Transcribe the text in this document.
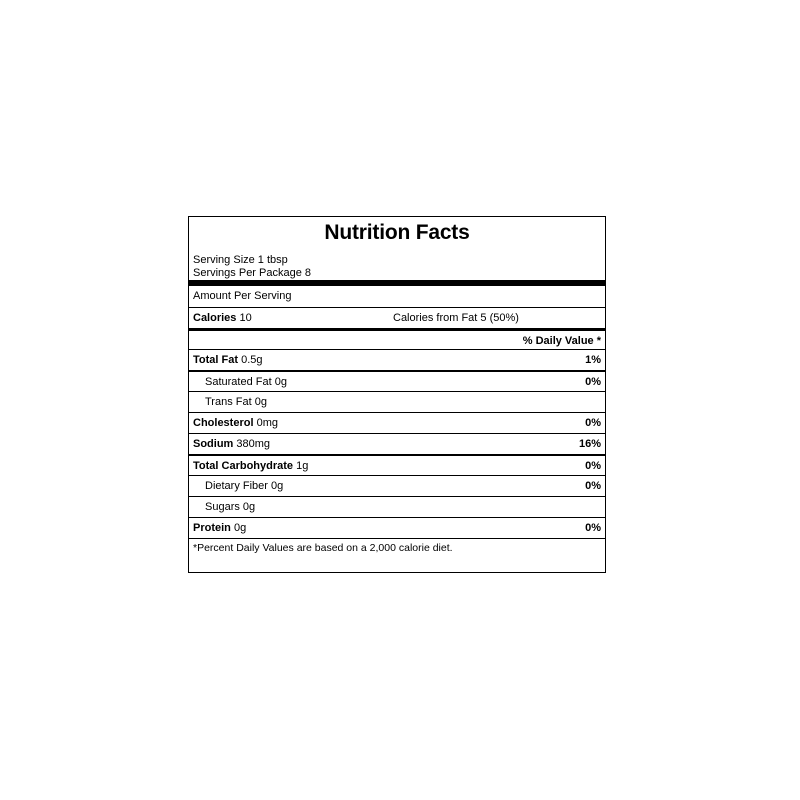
Nutrition Facts
Serving Size 1 tbsp
Servings Per Package 8
Amount Per Serving
Calories 10	Calories from Fat 5 (50%)
% Daily Value *
Total Fat 0.5g	1%
Saturated Fat 0g	0%
Trans Fat 0g
Cholesterol 0mg	0%
Sodium 380mg	16%
Total Carbohydrate 1g	0%
Dietary Fiber 0g	0%
Sugars 0g
Protein 0g	0%
*Percent Daily Values are based on a 2,000 calorie diet.
